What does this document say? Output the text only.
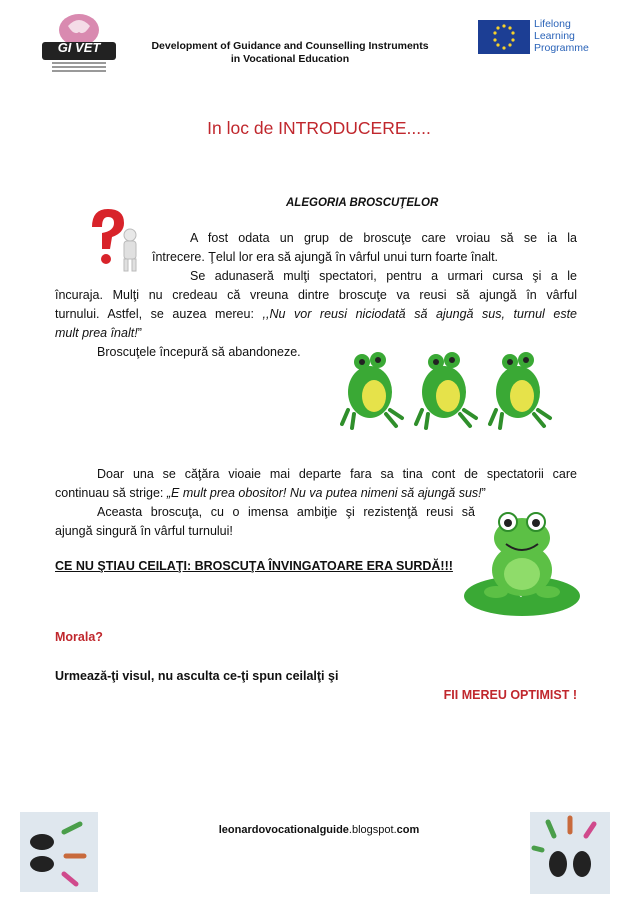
GI VET	Development of Guidance and Counselling Instruments
in Vocational Education
Lifelong
Learning
Programme
In loc de INTRODUCERE.....
ALEGORIA BROSCUŢELOR
A fost odata un grup de broscuţe care vroiau să se ia la
întrecere. Ţelul lor era să ajungă în vârful unui turn foarte înalt.
Se adunaseră mulţi spectatori, pentru a urmari cursa şi a le
încuraja. Mulţi nu credeau că vreuna dintre broscuţe va reusi să ajungă în vârful
turnului. Astfel, se auzea mereu: ,,Nu vor reusi niciodată să ajungă sus, turnul este
mult prea înalt!”
Broscuţele începură să abandoneze.
Doar una se căţăra vioaie mai departe fara sa tina cont de spectatorii care
continuau să strige: „E mult prea obositor! Nu va putea nimeni să ajungă sus!”
Aceasta broscuţa, cu o imensa ambiţie şi rezistenţă reusi să
ajungă singură în vârful turnului!
CE NU ŞTIAU CEILAŢI: BROSCUŢA ÎNVINGATOARE ERA SURDĂ!!!
Morala?
Urmează-ţi visul, nu asculta ce-ţi spun ceilalţi şi
FII MEREU OPTIMIST !
leonardovocationalguide.blogspot.com
